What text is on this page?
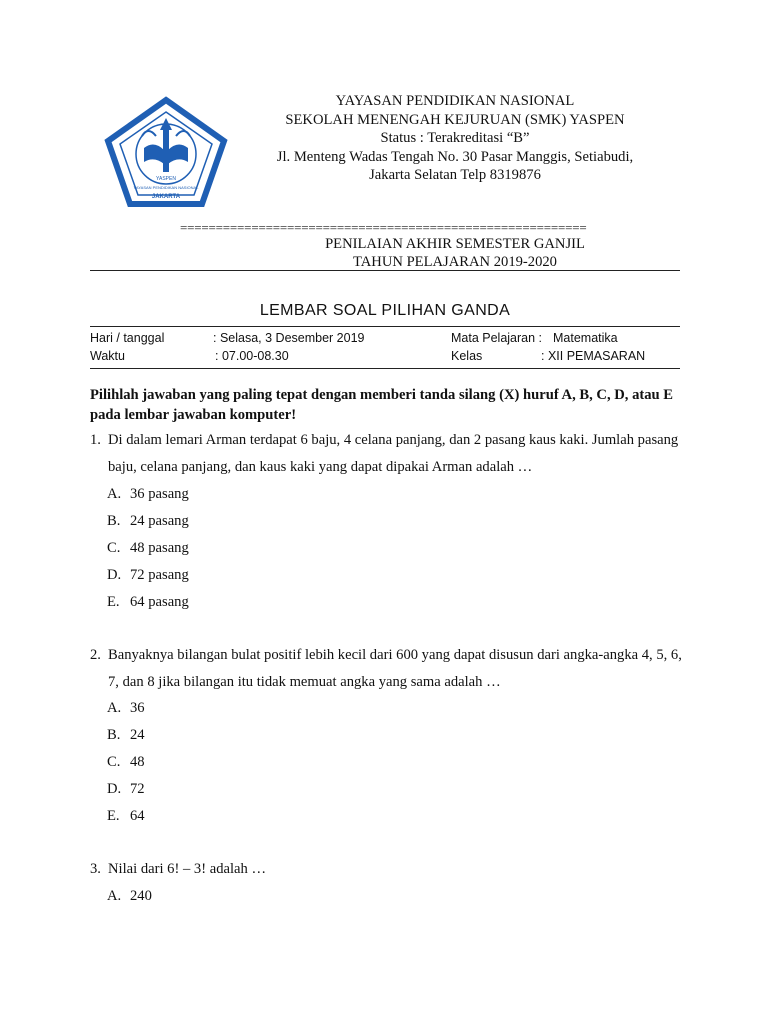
YASPEN
YAYASAN PENDIDIKAN NASIONAL
JAKARTA
YAYASAN PENDIDIKAN NASIONAL
SEKOLAH MENENGAH KEJURUAN (SMK) YASPEN
Status : Terakreditasi “B”
Jl. Menteng Wadas Tengah No. 30 Pasar Manggis, Setiabudi,
Jakarta Selatan Telp 8319876
=========================================================
PENILAIAN AKHIR SEMESTER GANJIL
TAHUN PELAJARAN 2019-2020
LEMBAR SOAL PILIHAN GANDA
Hari / tanggal	: Selasa, 3 Desember 2019	Mata Pelajaran : Matematika
Waktu	: 07.00-08.30	Kelas	: XII PEMASARAN
Pilihlah jawaban yang paling tepat dengan memberi tanda silang (X) huruf A, B, C, D, atau E pada lembar jawaban komputer!
1. Di dalam lemari Arman terdapat 6 baju, 4 celana panjang, dan 2 pasang kaus kaki. Jumlah pasang baju, celana panjang, dan kaus kaki yang dapat dipakai Arman adalah …
A. 36 pasang
B. 24 pasang
C. 48 pasang
D. 72 pasang
E. 64 pasang
2. Banyaknya bilangan bulat positif lebih kecil dari 600 yang dapat disusun dari angka-angka 4, 5, 6, 7, dan 8 jika bilangan itu tidak memuat angka yang sama adalah …
A. 36
B. 24
C. 48
D. 72
E. 64
3. Nilai dari 6! – 3! adalah …
A. 240
